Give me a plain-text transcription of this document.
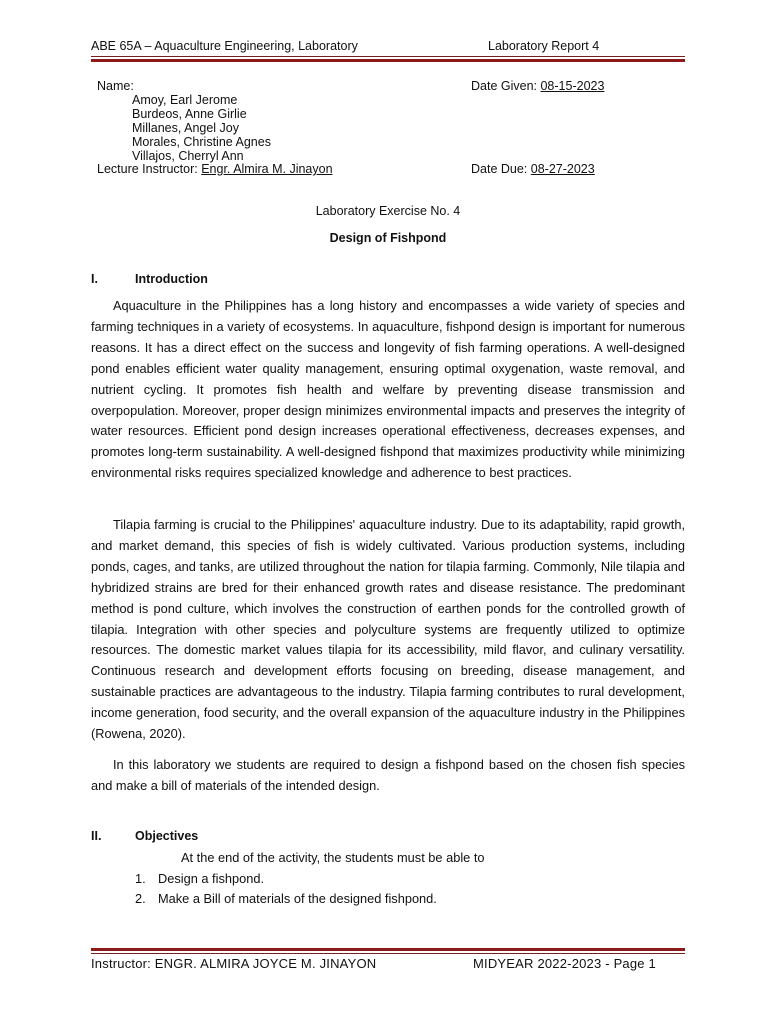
ABE 65A – Aquaculture Engineering, Laboratory	Laboratory Report 4
Name:
Amoy, Earl Jerome
Burdeos, Anne Girlie
Millanes, Angel Joy
Morales, Christine Agnes
Villajos, Cherryl Ann
Lecture Instructor: Engr. Almira M. Jinayon
Date Given: 08-15-2023
Date Due: 08-27-2023
Laboratory Exercise No. 4
Design of Fishpond
I.	Introduction
Aquaculture in the Philippines has a long history and encompasses a wide variety of species and farming techniques in a variety of ecosystems. In aquaculture, fishpond design is important for numerous reasons. It has a direct effect on the success and longevity of fish farming operations. A well-designed pond enables efficient water quality management, ensuring optimal oxygenation, waste removal, and nutrient cycling. It promotes fish health and welfare by preventing disease transmission and overpopulation. Moreover, proper design minimizes environmental impacts and preserves the integrity of water resources. Efficient pond design increases operational effectiveness, decreases expenses, and promotes long-term sustainability. A well-designed fishpond that maximizes productivity while minimizing environmental risks requires specialized knowledge and adherence to best practices.
Tilapia farming is crucial to the Philippines' aquaculture industry. Due to its adaptability, rapid growth, and market demand, this species of fish is widely cultivated. Various production systems, including ponds, cages, and tanks, are utilized throughout the nation for tilapia farming. Commonly, Nile tilapia and hybridized strains are bred for their enhanced growth rates and disease resistance. The predominant method is pond culture, which involves the construction of earthen ponds for the controlled growth of tilapia. Integration with other species and polyculture systems are frequently utilized to optimize resources. The domestic market values tilapia for its accessibility, mild flavor, and culinary versatility. Continuous research and development efforts focusing on breeding, disease management, and sustainable practices are advantageous to the industry. Tilapia farming contributes to rural development, income generation, food security, and the overall expansion of the aquaculture industry in the Philippines (Rowena, 2020).
In this laboratory we students are required to design a fishpond based on the chosen fish species and make a bill of materials of the intended design.
II.	Objectives
At the end of the activity, the students must be able to
1. Design a fishpond.
2. Make a Bill of materials of the designed fishpond.
Instructor: ENGR. ALMIRA JOYCE M. JINAYON	MIDYEAR 2022-2023 - Page 1
